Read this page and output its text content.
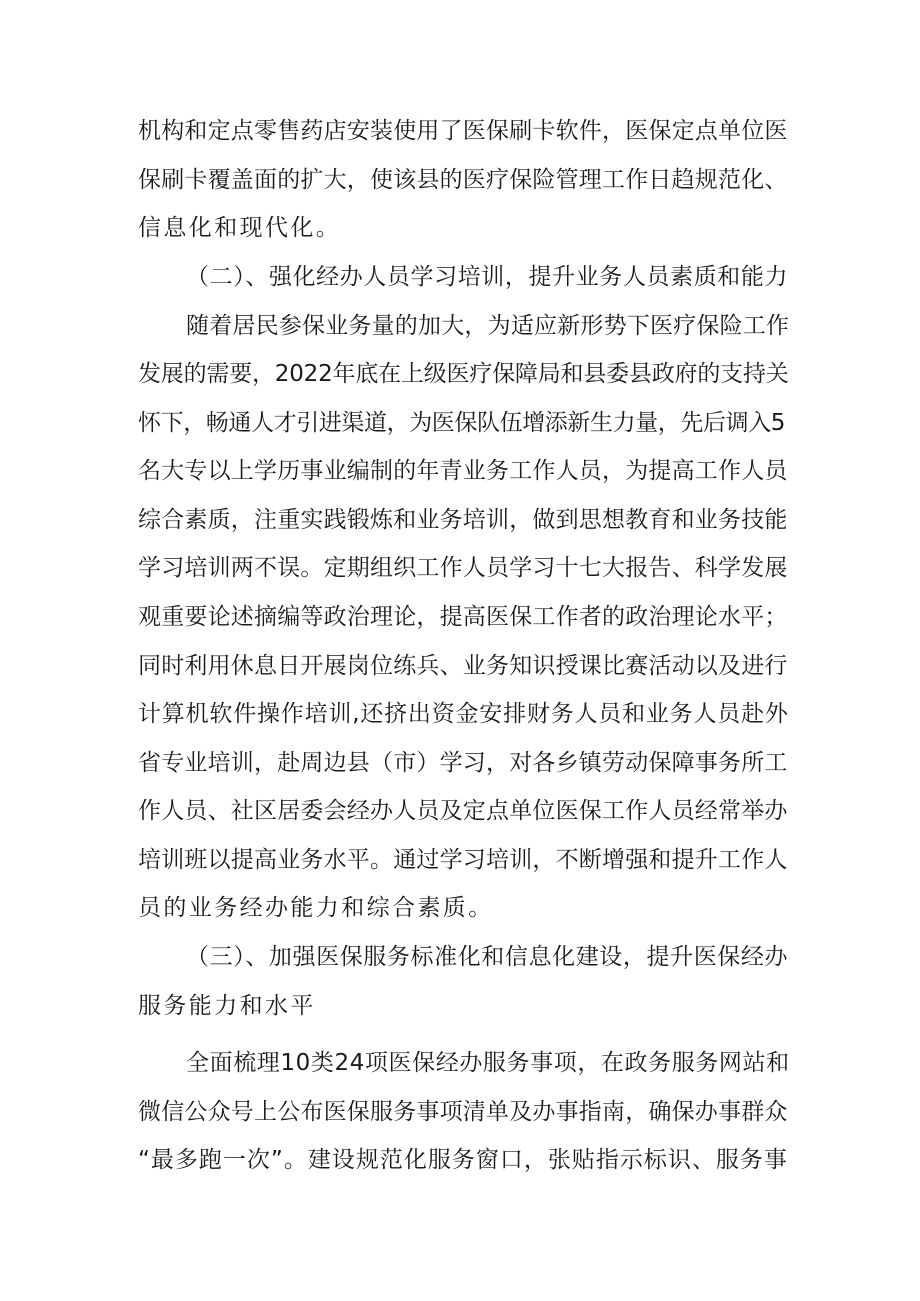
机构和定点零售药店安装使用了医保刷卡软件，医保定点单位医
保刷卡覆盖面的扩大，使该县的医疗保险管理工作日趋规范化、
信息化和现代化。
（二）、强化经办人员学习培训，提升业务人员素质和能力
随着居民参保业务量的加大，为适应新形势下医疗保险工作
发展的需要，2022年底在上级医疗保障局和县委县政府的支持关
怀下，畅通人才引进渠道，为医保队伍增添新生力量，先后调入5
名大专以上学历事业编制的年青业务工作人员，为提高工作人员
综合素质，注重实践锻炼和业务培训，做到思想教育和业务技能
学习培训两不误。定期组织工作人员学习十七大报告、科学发展
观重要论述摘编等政治理论，提高医保工作者的政治理论水平；
同时利用休息日开展岗位练兵、业务知识授课比赛活动以及进行
计算机软件操作培训,还挤出资金安排财务人员和业务人员赴外
省专业培训，赴周边县（市）学习，对各乡镇劳动保障事务所工
作人员、社区居委会经办人员及定点单位医保工作人员经常举办
培训班以提高业务水平。通过学习培训，不断增强和提升工作人
员的业务经办能力和综合素质。
（三）、加强医保服务标准化和信息化建设，提升医保经办
服务能力和水平
全面梳理10类24项医保经办服务事项，在政务服务网站和
微信公众号上公布医保服务事项清单及办事指南，确保办事群众
“最多跑一次”。建设规范化服务窗口，张贴指示标识、服务事
